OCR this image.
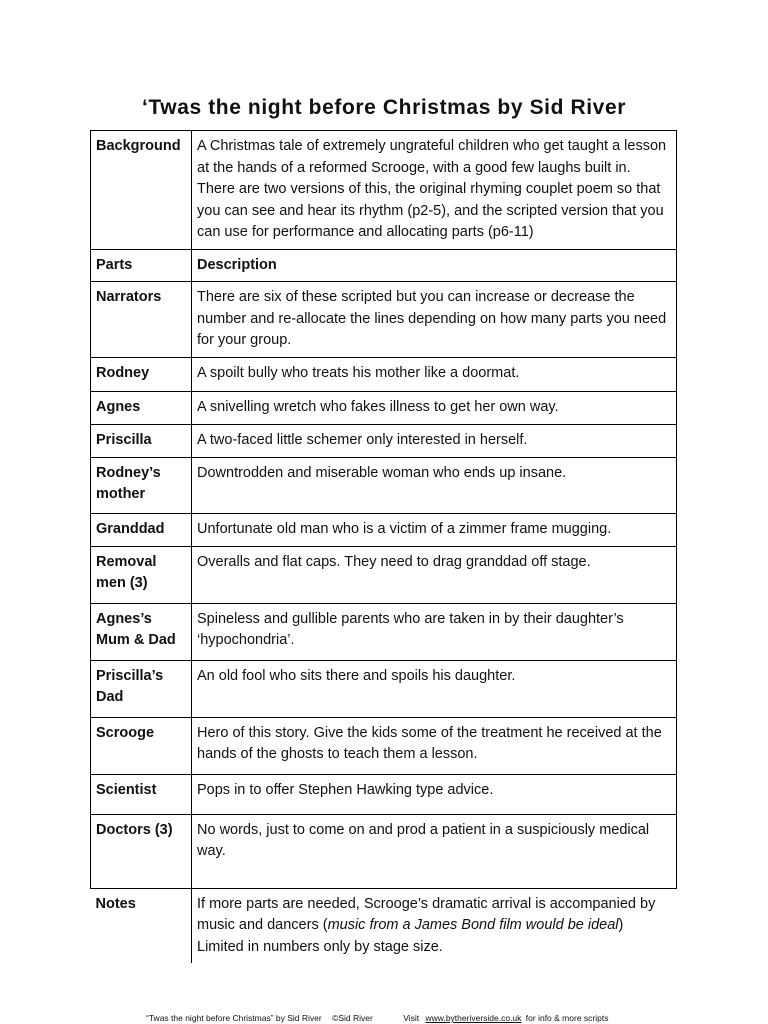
‘Twas the night before Christmas by Sid River
Background	A Christmas tale of extremely ungrateful children who get taught a lesson at the hands of a reformed Scrooge, with a good few laughs built in. There are two versions of this, the original rhyming couplet poem so that you can see and hear its rhythm (p2-5), and the scripted version that you can use for performance and allocating parts (p6-11)
Parts	Description
Narrators	There are six of these scripted but you can increase or decrease the number and re-allocate the lines depending on how many parts you need for your group.
Rodney	A spoilt bully who treats his mother like a doormat.
Agnes	A snivelling wretch who fakes illness to get her own way.
Priscilla	A two-faced little schemer only interested in herself.
Rodney’s mother	Downtrodden and miserable woman who ends up insane.
Granddad	Unfortunate old man who is a victim of a zimmer frame mugging.
Removal men (3)	Overalls and flat caps. They need to drag granddad off stage.
Agnes’s Mum & Dad	Spineless and gullible parents who are taken in by their daughter’s ‘hypochondria’.
Priscilla’s Dad	An old fool who sits there and spoils his daughter.
Scrooge	Hero of this story. Give the kids some of the treatment he received at the hands of the ghosts to teach them a lesson.
Scientist	Pops in to offer Stephen Hawking type advice.
Doctors (3)	No words, just to come on and prod a patient in a suspiciously medical way.
Notes	If more parts are needed, Scrooge’s dramatic arrival is accompanied by music and dancers (music from a James Bond film would be ideal) Limited in numbers only by stage size.
“Twas the night before Christmas” by Sid River ©Sid River	Visit www.bytheriverside.co.uk for info & more scripts
